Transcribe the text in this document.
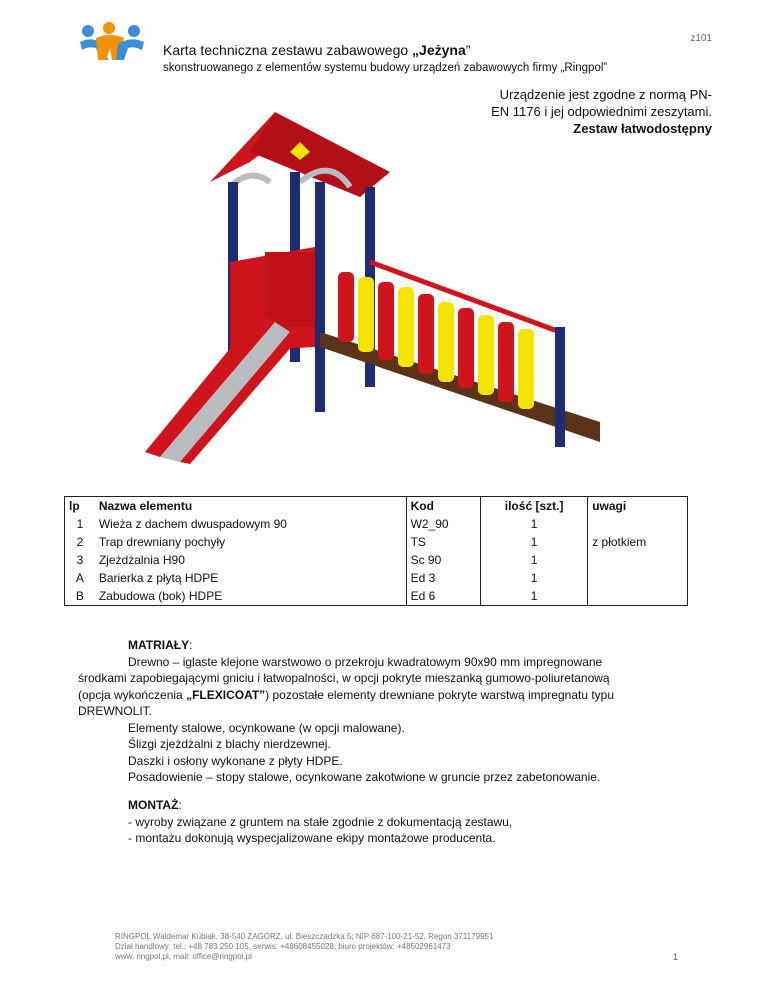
z101
Karta techniczna zestawu zabawowego „Jeżyna”
skonstruowanego z elementów systemu budowy urządzeń zabawowych firmy „Ringpol”
Urządzenie jest zgodne z normą PN-
EN 1176 i jej odpowiednimi zeszytami.
Zestaw łatwodostępny
lp	Nazwa elementu	Kod	ilość [szt.]	uwagi
1	Wieża z dachem dwuspadowym 90	W2_90	1	
2	Trap drewniany pochyły	TS	1	z płotkiem
3	Zjeżdżalnia H90	Sc 90	1	
A	Barierka z płytą HDPE	Ed 3	1	
B	Zabudowa (bok) HDPE	Ed 6	1	
MATRIAŁY:
Drewno – iglaste klejone warstwowo o przekroju kwadratowym 90x90 mm impregnowane
środkami zapobiegającymi gniciu i łatwopalności, w opcji pokryte mieszanką gumowo-poliuretanową
(opcja wykończenia „FLEXICOAT”) pozostałe elementy drewniane pokryte warstwą impregnatu typu
DREWNOLIT.
Elementy stalowe, ocynkowane (w opcji malowane).
Ślizgi zjeżdżalni z blachy nierdzewnej.
Daszki i osłony wykonane z płyty HDPE.
Posadowienie – stopy stalowe, ocynkowane zakotwione w gruncie przez zabetonowanie.
MONTAŻ:
- wyroby związane z gruntem na stałe zgodnie z dokumentacją zestawu,
- montażu dokonują wyspecjalizowane ekipy montażowe producenta.
RINGPOL Waldemar Kubiak, 38-540 ZAGÓRZ, ul. Bieszczadzka 5; NIP 687-100-21-52, Regon 371179951
Dział handlowy: tel.: +48 783 250 105, serwis: +48608455028; biuro projektów: +48502961473
www. ringpol.pl, mail: office@ringpol.pl	1
